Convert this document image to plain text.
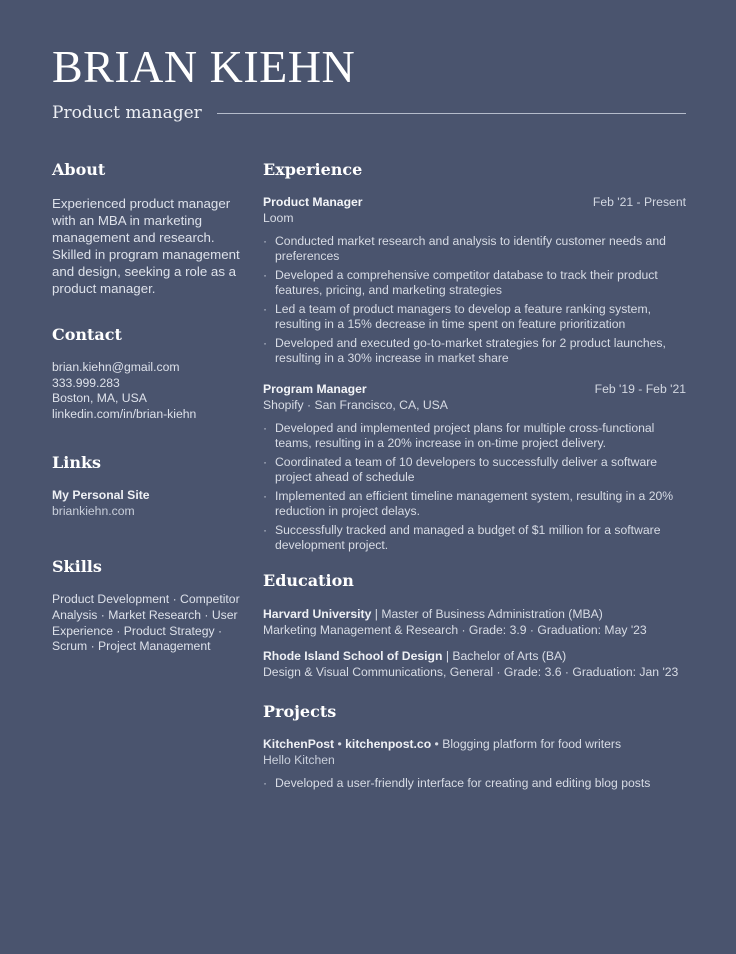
BRIAN KIEHN
Product manager
About

Experienced product manager with an MBA in marketing management and research. Skilled in program management and design, seeking a role as a product manager.

Contact
brian.kiehn@gmail.com
333.999.283
Boston, MA, USA
linkedin.com/in/brian-kiehn
Links
My Personal Site
briankiehn.com
Skills
Product Development · Competitor Analysis · Market Research · User Experience · Product Strategy · Scrum · Project Management
Experience
Product Manager	Feb '21 - Present
Loom
· Conducted market research and analysis to identify customer needs and preferences
· Developed a comprehensive competitor database to track their product features, pricing, and marketing strategies
· Led a team of product managers to develop a feature ranking system, resulting in a 15% decrease in time spent on feature prioritization
· Developed and executed go-to-market strategies for 2 product launches, resulting in a 30% increase in market share
Program Manager	Feb '19 - Feb '21
Shopify · San Francisco, CA, USA
· Developed and implemented project plans for multiple cross-functional teams, resulting in a 20% increase in on-time project delivery.
· Coordinated a team of 10 developers to successfully deliver a software project ahead of schedule
· Implemented an efficient timeline management system, resulting in a 20% reduction in project delays.
· Successfully tracked and managed a budget of $1 million for a software development project.
Education
Harvard University | Master of Business Administration (MBA)
Marketing Management & Research · Grade: 3.9 · Graduation: May '23
Rhode Island School of Design | Bachelor of Arts (BA)
Design & Visual Communications, General · Grade: 3.6 · Graduation: Jan '23
Projects
KitchenPost • kitchenpost.co • Blogging platform for food writers
Hello Kitchen
· Developed a user-friendly interface for creating and editing blog posts
